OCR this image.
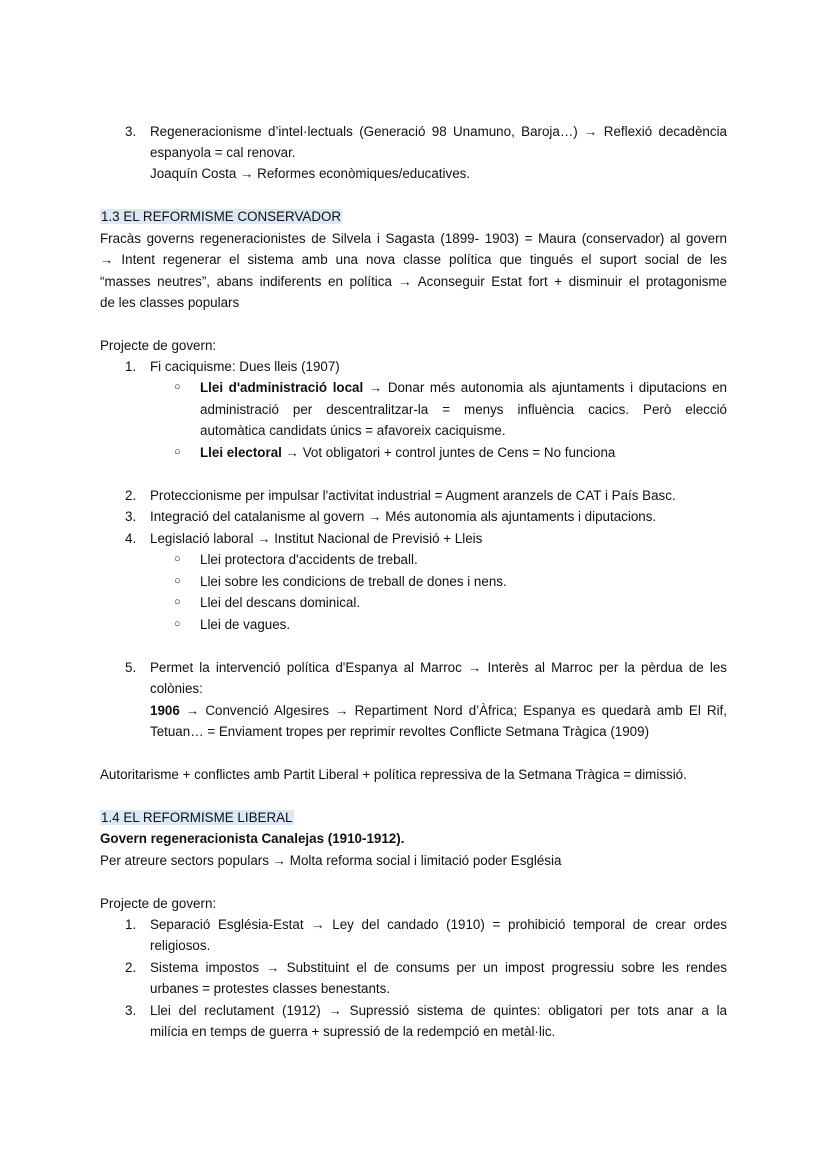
3. Regeneracionisme d’intel·lectuals (Generació 98 Unamuno, Baroja…) → Reflexió decadència
espanyola = cal renovar.
Joaquín Costa → Reformes econòmiques/educatives.
1.3 EL REFORMISME CONSERVADOR
Fracàs governs regeneracionistes de Silvela i Sagasta (1899- 1903) = Maura (conservador) al govern
→ Intent regenerar el sistema amb una nova classe política que tingués el suport social de les
“masses neutres”, abans indiferents en política → Aconseguir Estat fort + disminuir el protagonisme
de les classes populars
Projecte de govern:
1. Fi caciquisme: Dues lleis (1907)
○ Llei d'administració local → Donar més autonomia als ajuntaments i diputacions en
administració per descentralitzar-la = menys influència cacics. Però elecció
automàtica candidats únics = afavoreix caciquisme.
○ Llei electoral → Vot obligatori + control juntes de Cens = No funciona
2. Proteccionisme per impulsar l'activitat industrial = Augment aranzels de CAT i País Basc.
3. Integració del catalanisme al govern → Més autonomia als ajuntaments i diputacions.
4. Legislació laboral → Institut Nacional de Previsió + Lleis
○ Llei protectora d'accidents de treball.
○ Llei sobre les condicions de treball de dones i nens.
○ Llei del descans dominical.
○ Llei de vagues.
5. Permet la intervenció política d'Espanya al Marroc → Interès al Marroc per la pèrdua de les
colònies:
1906 → Convenció Algesires → Repartiment Nord d’Àfrica; Espanya es quedarà amb El Rif,
Tetuan… = Enviament tropes per reprimir revoltes Conflicte Setmana Tràgica (1909)
Autoritarisme + conflictes amb Partit Liberal + política repressiva de la Setmana Tràgica = dimissió.
1.4 EL REFORMISME LIBERAL
Govern regeneracionista Canalejas (1910-1912).
Per atreure sectors populars → Molta reforma social i limitació poder Església
Projecte de govern:
1. Separació Església-Estat → Ley del candado (1910) = prohibició temporal de crear ordes
religiosos.
2. Sistema impostos → Substituint el de consums per un impost progressiu sobre les rendes
urbanes = protestes classes benestants.
3. Llei del reclutament (1912) → Supressió sistema de quintes: obligatori per tots anar a la
milícia en temps de guerra + supressió de la redempció en metàl·lic.
